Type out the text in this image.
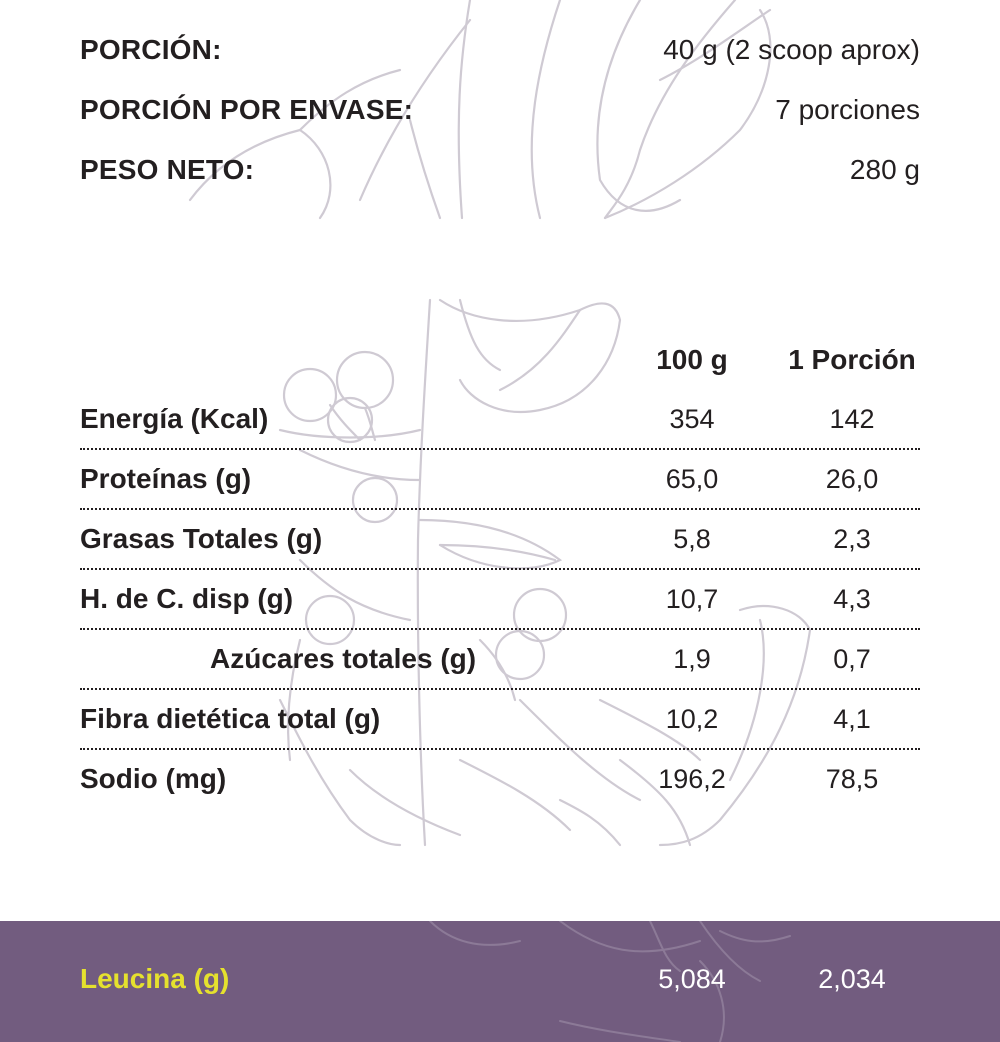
PORCIÓN:	40 g (2 scoop aprox)
PORCIÓN POR ENVASE:	7 porciones
PESO NETO:	280 g
100 g	1 Porción
Energía (Kcal)	354	142
Proteínas (g)	65,0	26,0
Grasas Totales (g)	5,8	2,3
H. de C. disp (g)	10,7	4,3
Azúcares totales (g)	1,9	0,7
Fibra dietética total (g)	10,2	4,1
Sodio (mg)	196,2	78,5
Leucina (g)	5,084	2,034
